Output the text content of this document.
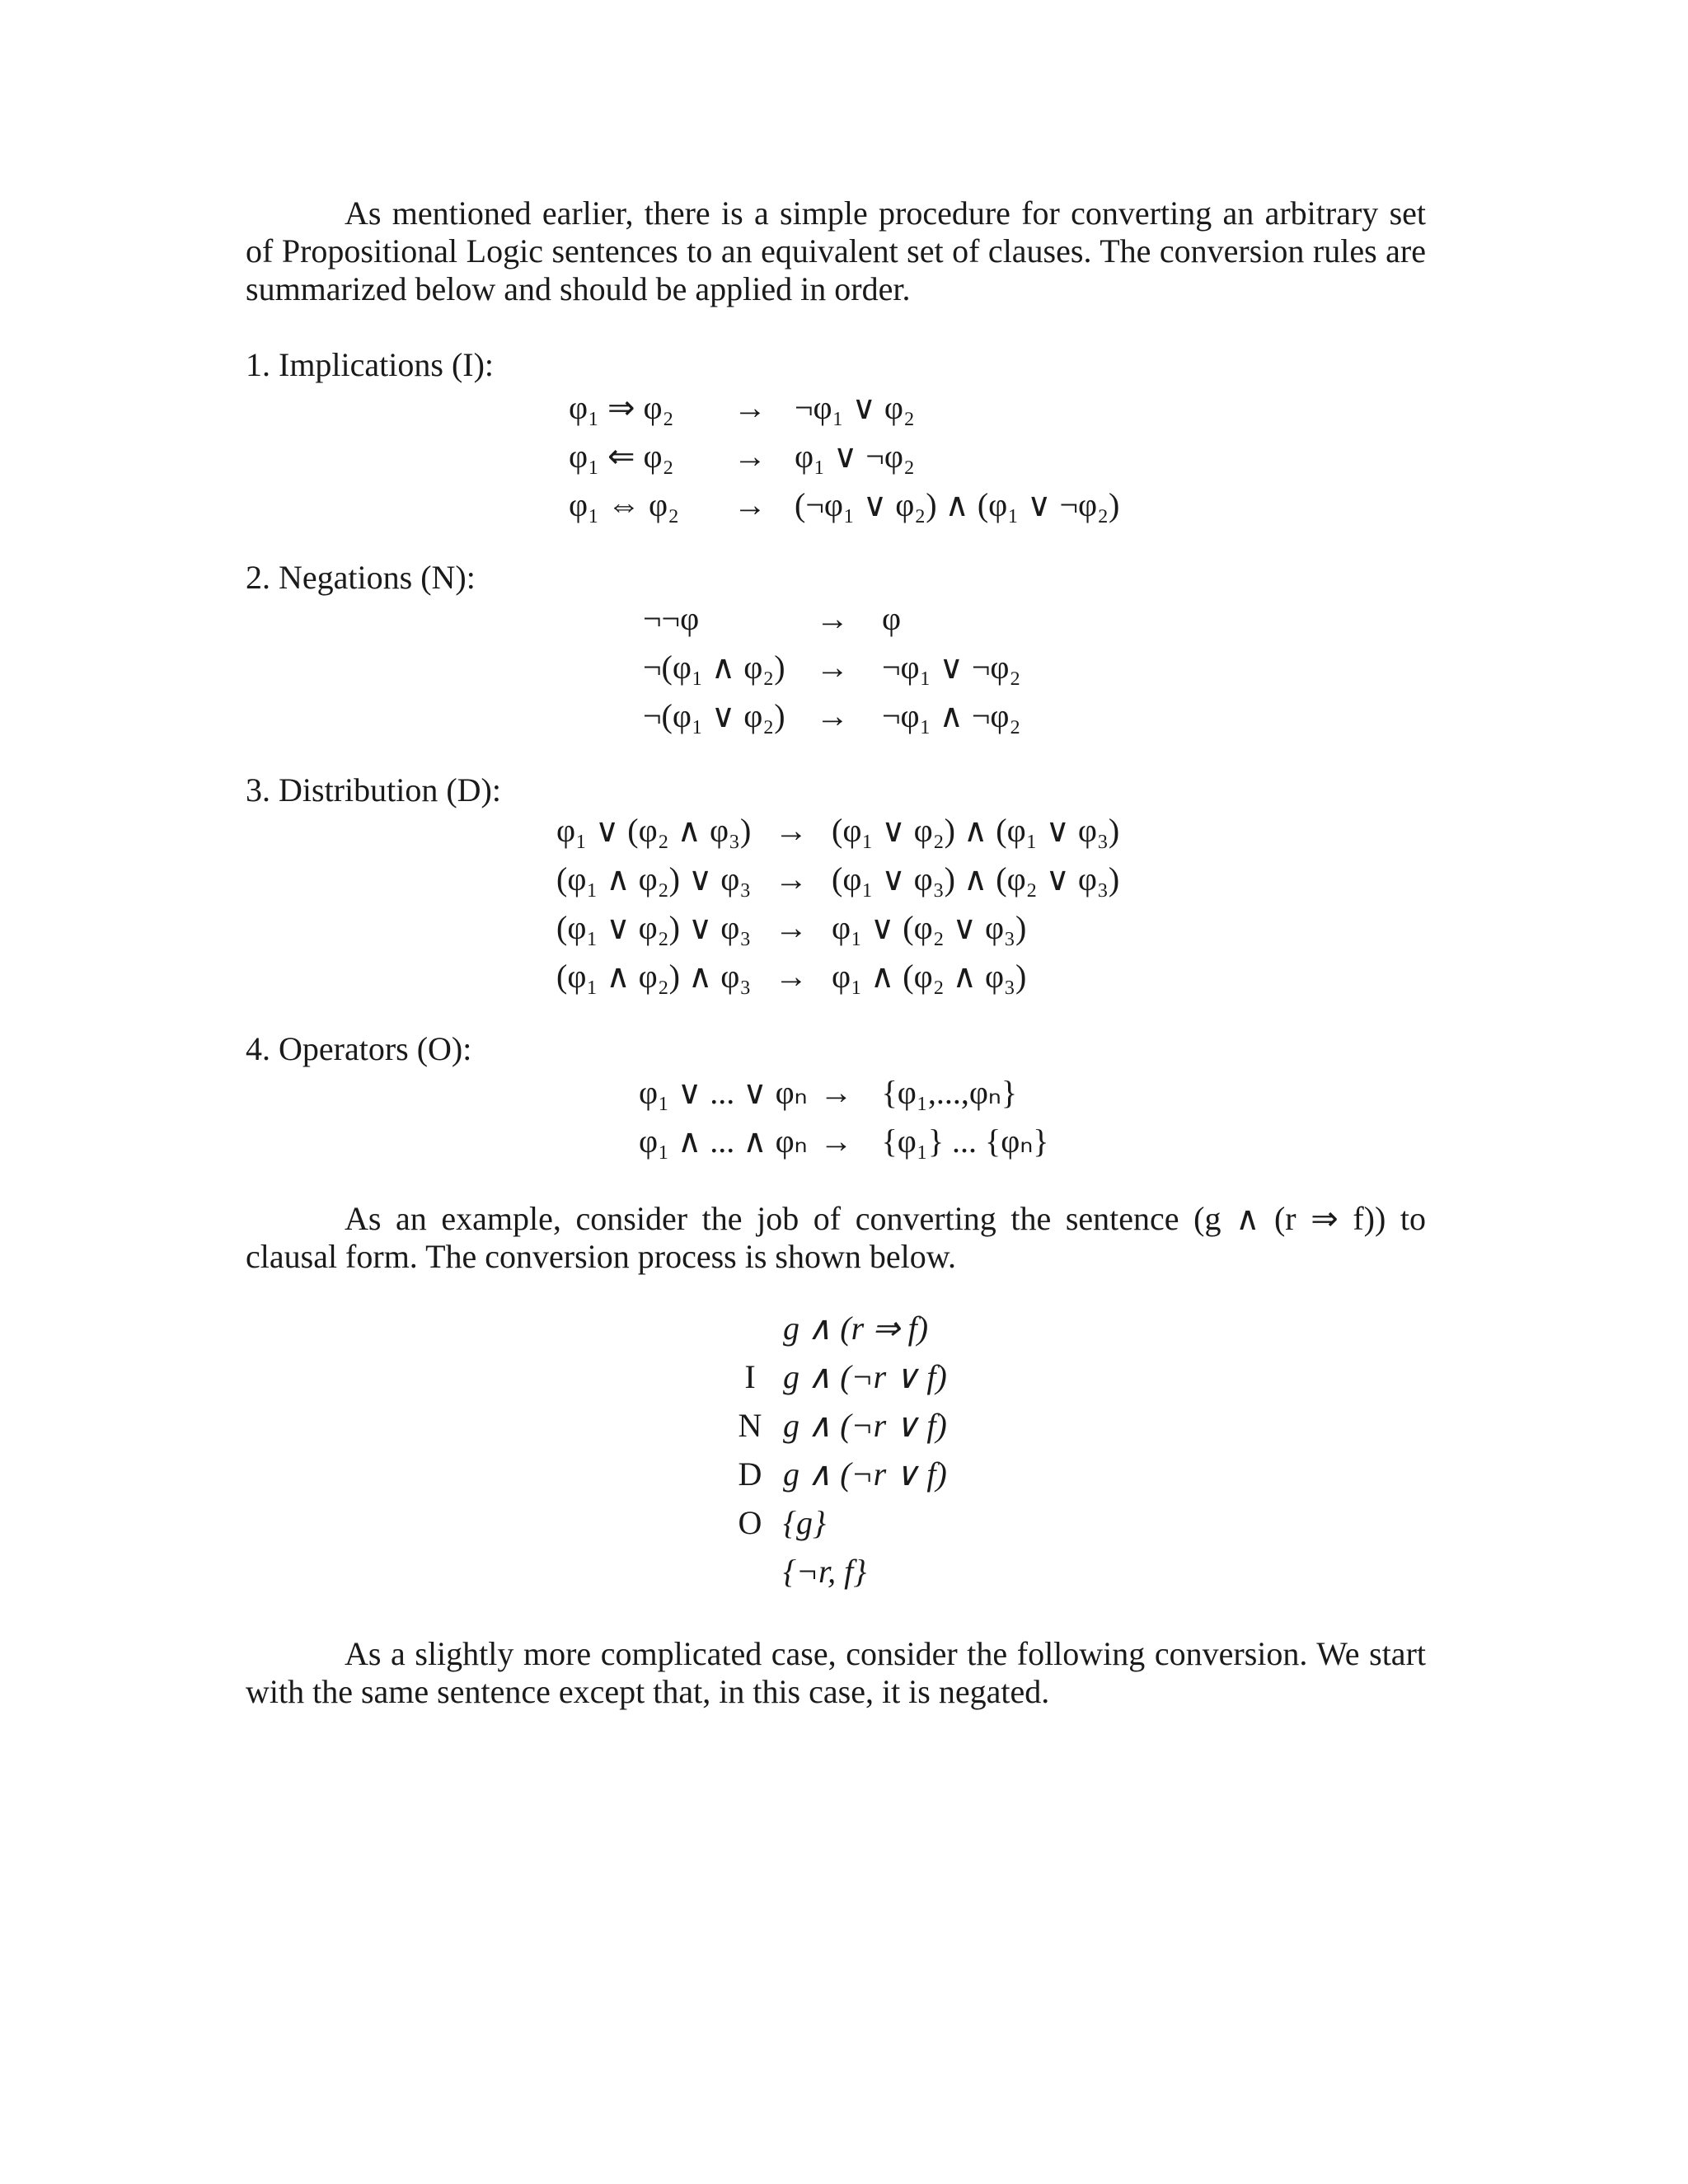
As mentioned earlier, there is a simple procedure for converting an arbitrary set of Propositional Logic sentences to an equivalent set of clauses. The conversion rules are summarized below and should be applied in order.

1. Implications (I):

φ₁ ⇒ φ₂	→	¬φ₁ ∨ φ₂
φ₁ ⇐ φ₂	→	φ₁ ∨ ¬φ₂
φ₁ ⇔ φ₂	→	(¬φ₁ ∨ φ₂) ∧ (φ₁ ∨ ¬φ₂)

2. Negations (N):

¬¬φ	→	φ
¬(φ₁ ∧ φ₂)	→	¬φ₁ ∨ ¬φ₂
¬(φ₁ ∨ φ₂)	→	¬φ₁ ∧ ¬φ₂

3. Distribution (D):

φ₁ ∨ (φ₂ ∧ φ₃)	→	(φ₁ ∨ φ₂) ∧ (φ₁ ∨ φ₃)
(φ₁ ∧ φ₂) ∨ φ₃	→	(φ₁ ∨ φ₃) ∧ (φ₂ ∨ φ₃)
(φ₁ ∨ φ₂) ∨ φ₃	→	φ₁ ∨ (φ₂ ∨ φ₃)
(φ₁ ∧ φ₂) ∧ φ₃	→	φ₁ ∧ (φ₂ ∧ φ₃)

4. Operators (O):

φ₁ ∨ ... ∨ φₙ	→	{φ₁,...,φₙ}
φ₁ ∧ ... ∧ φₙ	→	{φ₁} ... {φₙ}

As an example, consider the job of converting the sentence (g ∧ (r ⇒ f)) to clausal form. The conversion process is shown below.

	g ∧ (r ⇒ f)
I	g ∧ (¬r ∨ f)
N	g ∧ (¬r ∨ f)
D	g ∧ (¬r ∨ f)
O	{g}
	{¬r, f}

As a slightly more complicated case, consider the following conversion. We start with the same sentence except that, in this case, it is negated.
